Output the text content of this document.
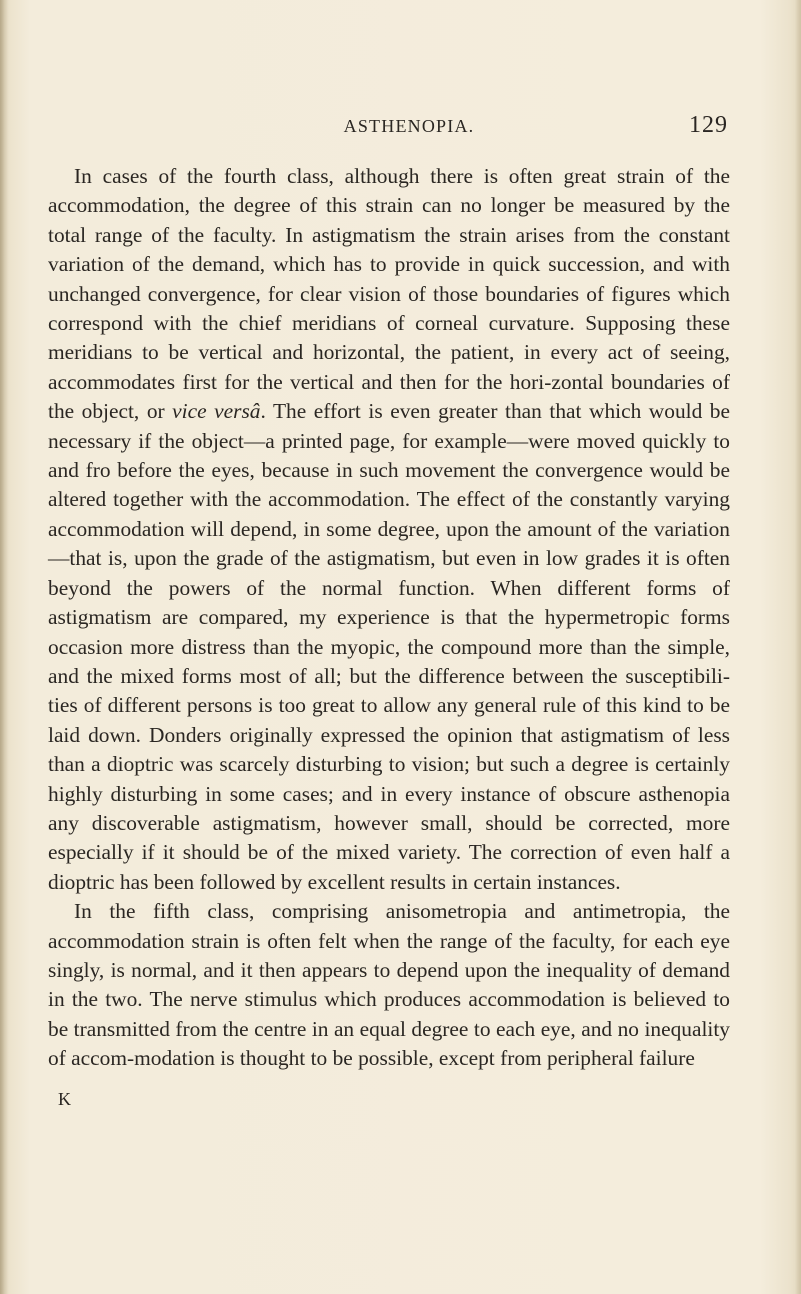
ASTHENOPIA.	129

In cases of the fourth class, although there is often great strain of the accommodation, the degree of this strain can no longer be measured by the total range of the faculty. In astigmatism the strain arises from the constant variation of the demand, which has to provide in quick succession, and with unchanged convergence, for clear vision of those boundaries of figures which correspond with the chief meridians of corneal curvature. Supposing these meridians to be vertical and horizontal, the patient, in every act of seeing, accommodates first for the vertical and then for the hori-zontal boundaries of the object, or vice versâ. The effort is even greater than that which would be necessary if the object—a printed page, for example—were moved quickly to and fro before the eyes, because in such movement the convergence would be altered together with the accommodation. The effect of the constantly varying accommodation will depend, in some degree, upon the amount of the variation—that is, upon the grade of the astigmatism, but even in low grades it is often beyond the powers of the normal function. When different forms of astigmatism are compared, my experience is that the hypermetropic forms occasion more distress than the myopic, the compound more than the simple, and the mixed forms most of all; but the difference between the susceptibili-ties of different persons is too great to allow any general rule of this kind to be laid down. Donders originally expressed the opinion that astigmatism of less than a dioptric was scarcely disturbing to vision; but such a degree is certainly highly disturbing in some cases; and in every instance of obscure asthenopia any discoverable astigmatism, however small, should be corrected, more especially if it should be of the mixed variety. The correction of even half a dioptric has been followed by excellent results in certain instances.

In the fifth class, comprising anisometropia and antimetropia, the accommodation strain is often felt when the range of the faculty, for each eye singly, is normal, and it then appears to depend upon the inequality of demand in the two. The nerve stimulus which produces accommodation is believed to be transmitted from the centre in an equal degree to each eye, and no inequality of accom-modation is thought to be possible, except from peripheral failure

K
